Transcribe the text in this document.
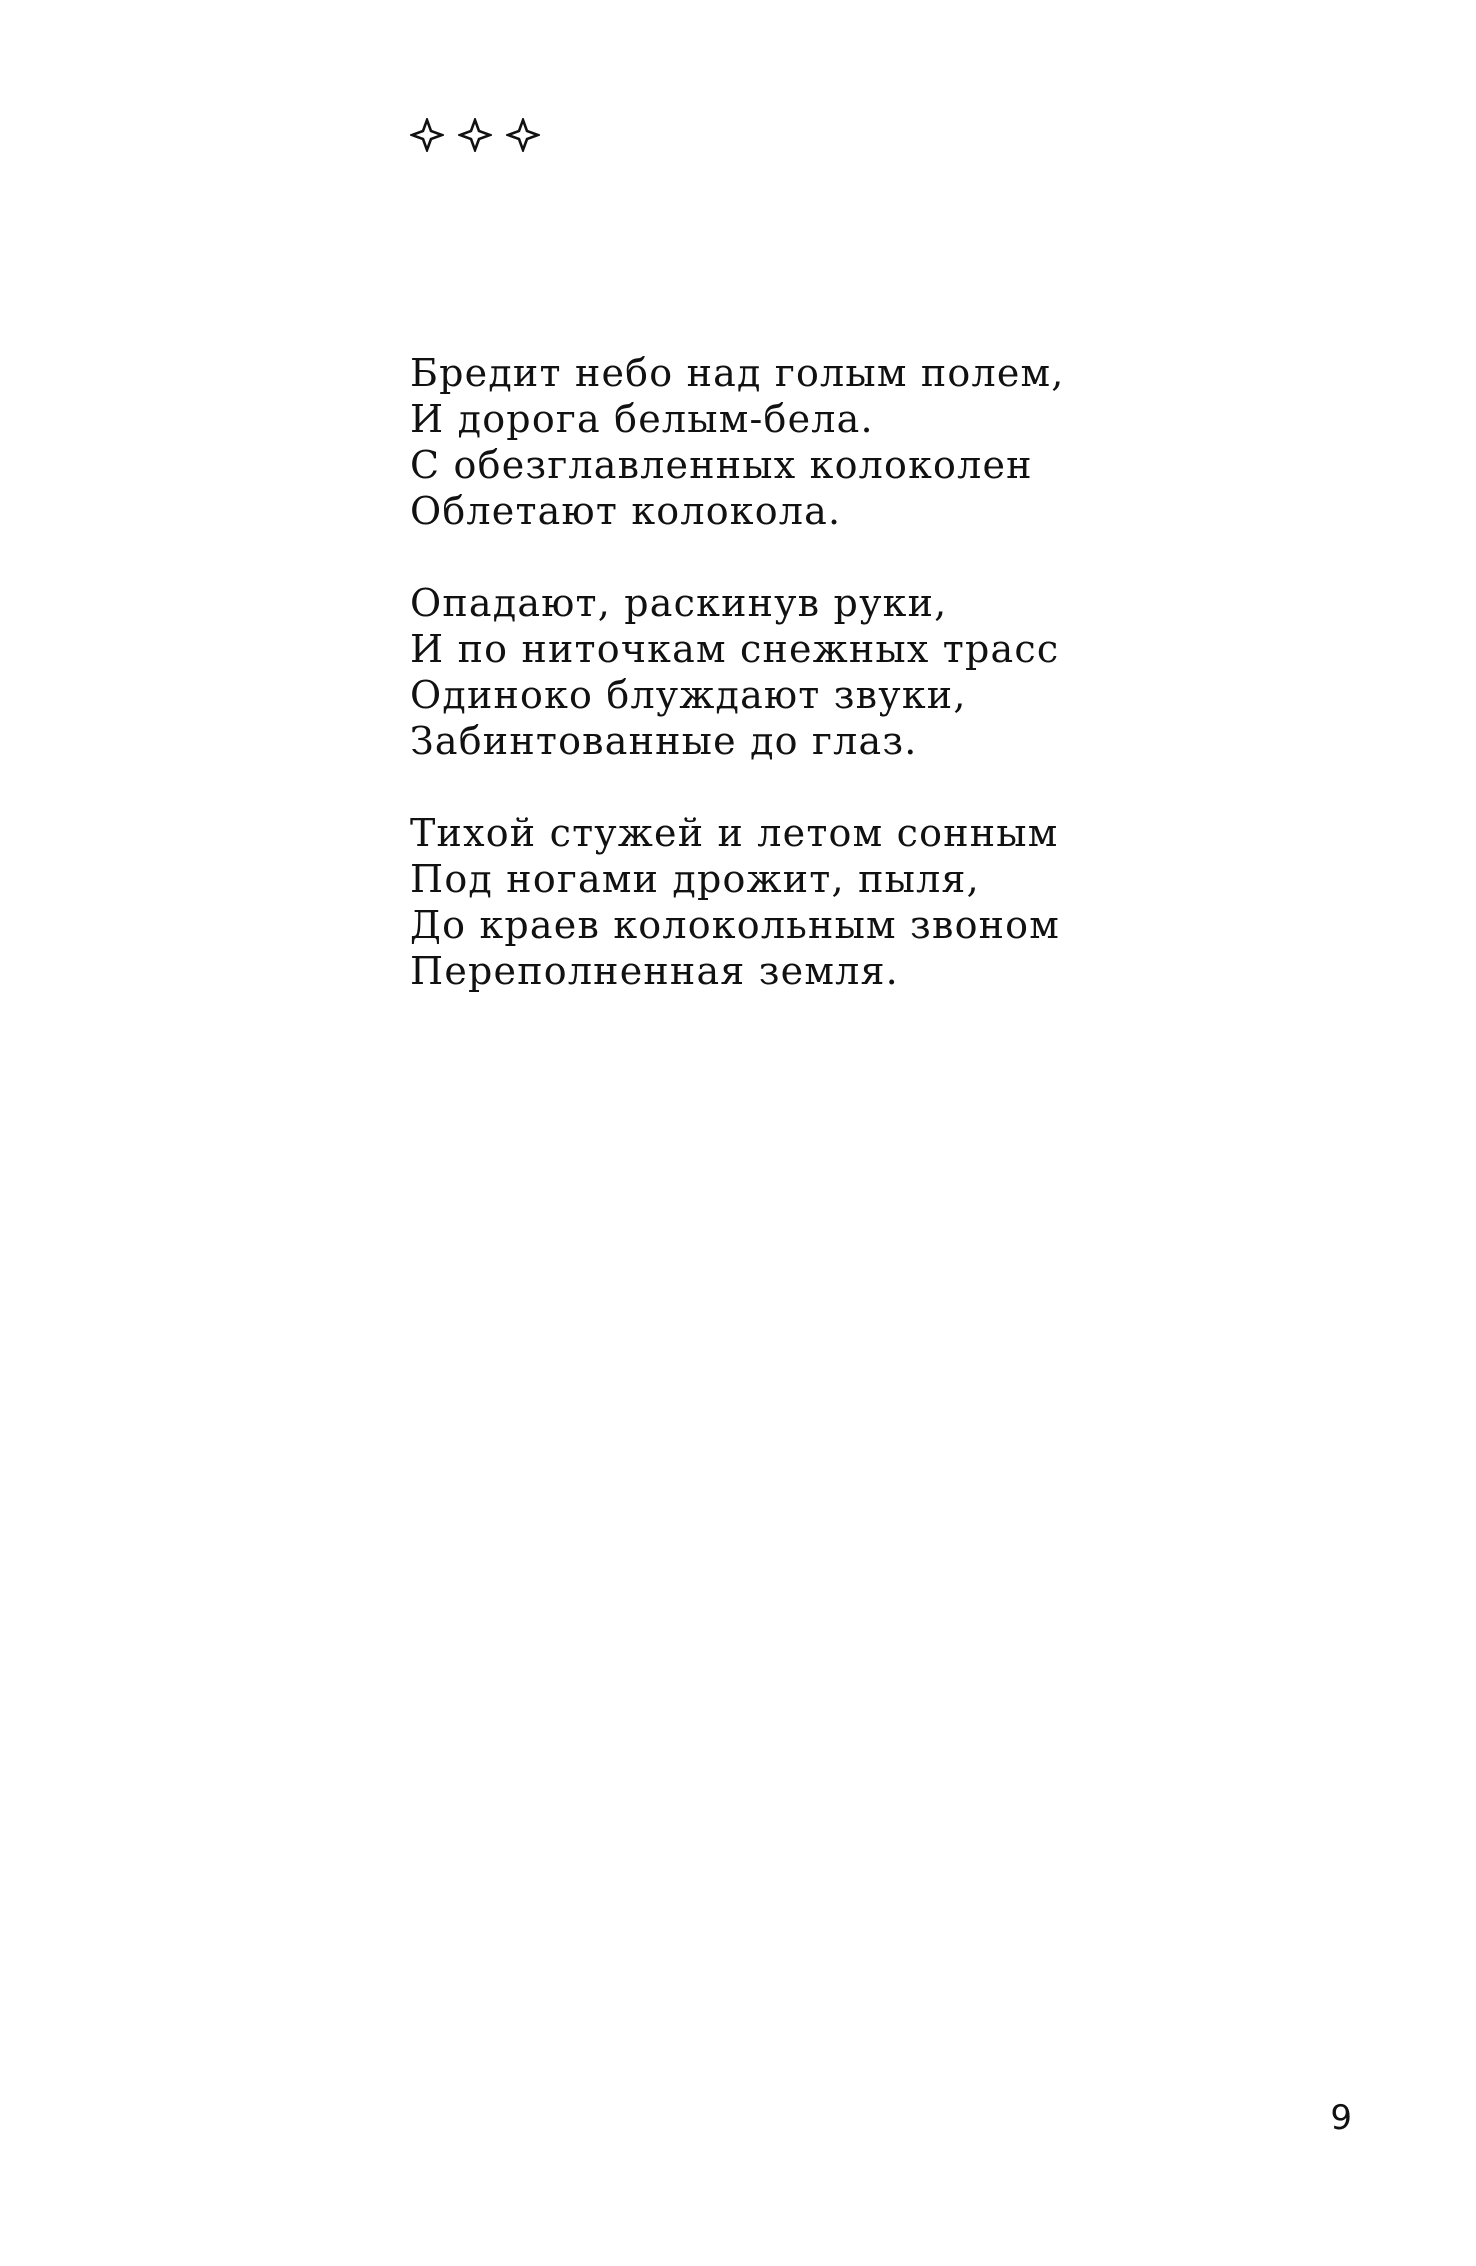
Бредит небо над голым полем,
И дорога белым-бела.
С обезглавленных колоколен
Облетают колокола.
Опадают, раскинув руки,
И по ниточкам снежных трасс
Одиноко блуждают звуки,
Забинтованные до глаз.
Тихой стужей и летом сонным
Под ногами дрожит, пыля,
До краев колокольным звоном
Переполненная земля.
9
